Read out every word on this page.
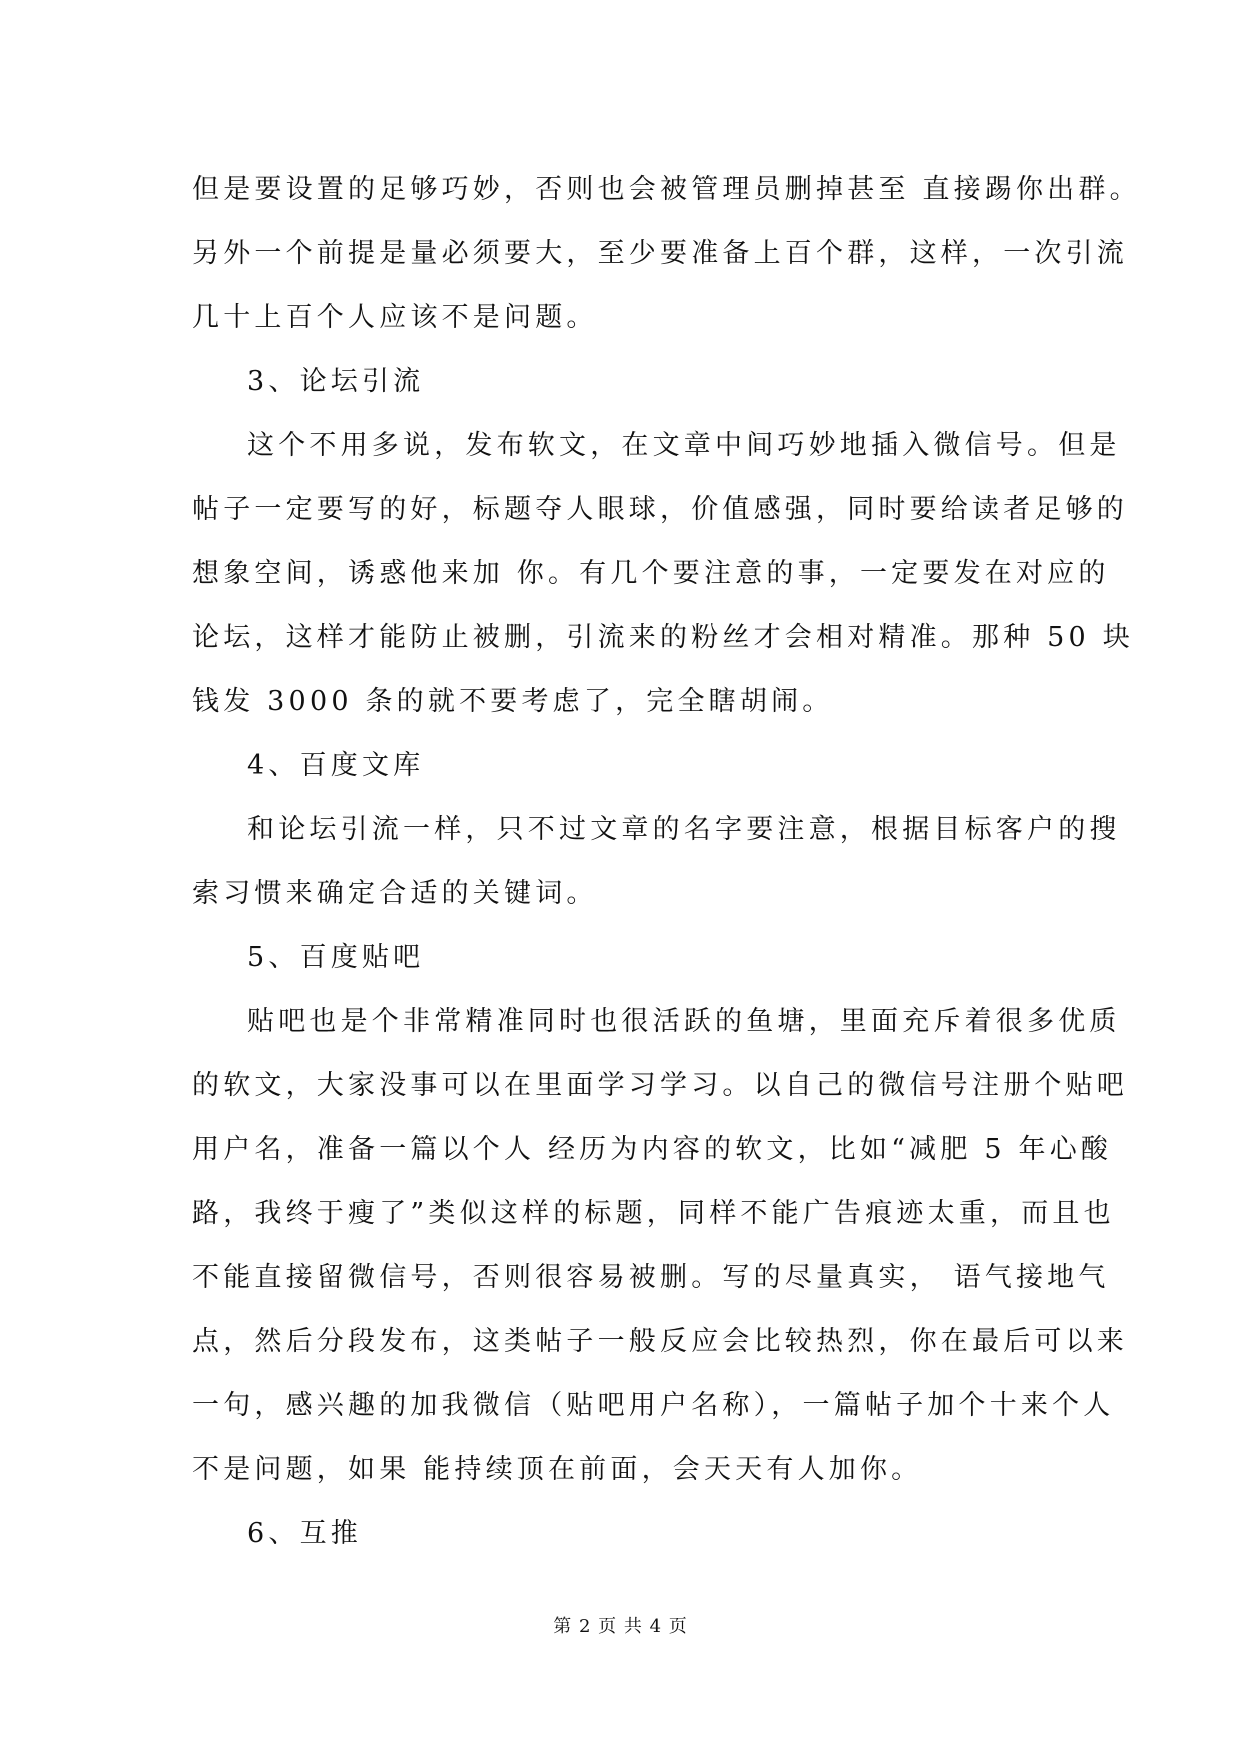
但是要设置的足够巧妙，否则也会被管理员删掉甚至 直接踢你出群。
另外一个前提是量必须要大，至少要准备上百个群，这样，一次引流
几十上百个人应该不是问题。
3、论坛引流
这个不用多说，发布软文，在文章中间巧妙地插入微信号。但是
帖子一定要写的好，标题夺人眼球，价值感强，同时要给读者足够的
想象空间，诱惑他来加 你。有几个要注意的事，一定要发在对应的
论坛，这样才能防止被删，引流来的粉丝才会相对精准。那种 50 块
钱发 3000 条的就不要考虑了，完全瞎胡闹。
4、百度文库
和论坛引流一样，只不过文章的名字要注意，根据目标客户的搜
索习惯来确定合适的关键词。
5、百度贴吧
贴吧也是个非常精准同时也很活跃的鱼塘，里面充斥着很多优质
的软文，大家没事可以在里面学习学习。以自己的微信号注册个贴吧
用户名，准备一篇以个人 经历为内容的软文，比如“减肥 5 年心酸
路，我终于瘦了”类似这样的标题，同样不能广告痕迹太重，而且也
不能直接留微信号，否则很容易被删。写的尽量真实， 语气接地气
点，然后分段发布，这类帖子一般反应会比较热烈，你在最后可以来
一句，感兴趣的加我微信（贴吧用户名称），一篇帖子加个十来个人
不是问题，如果 能持续顶在前面，会天天有人加你。
6、互推
第 2 页 共 4 页
